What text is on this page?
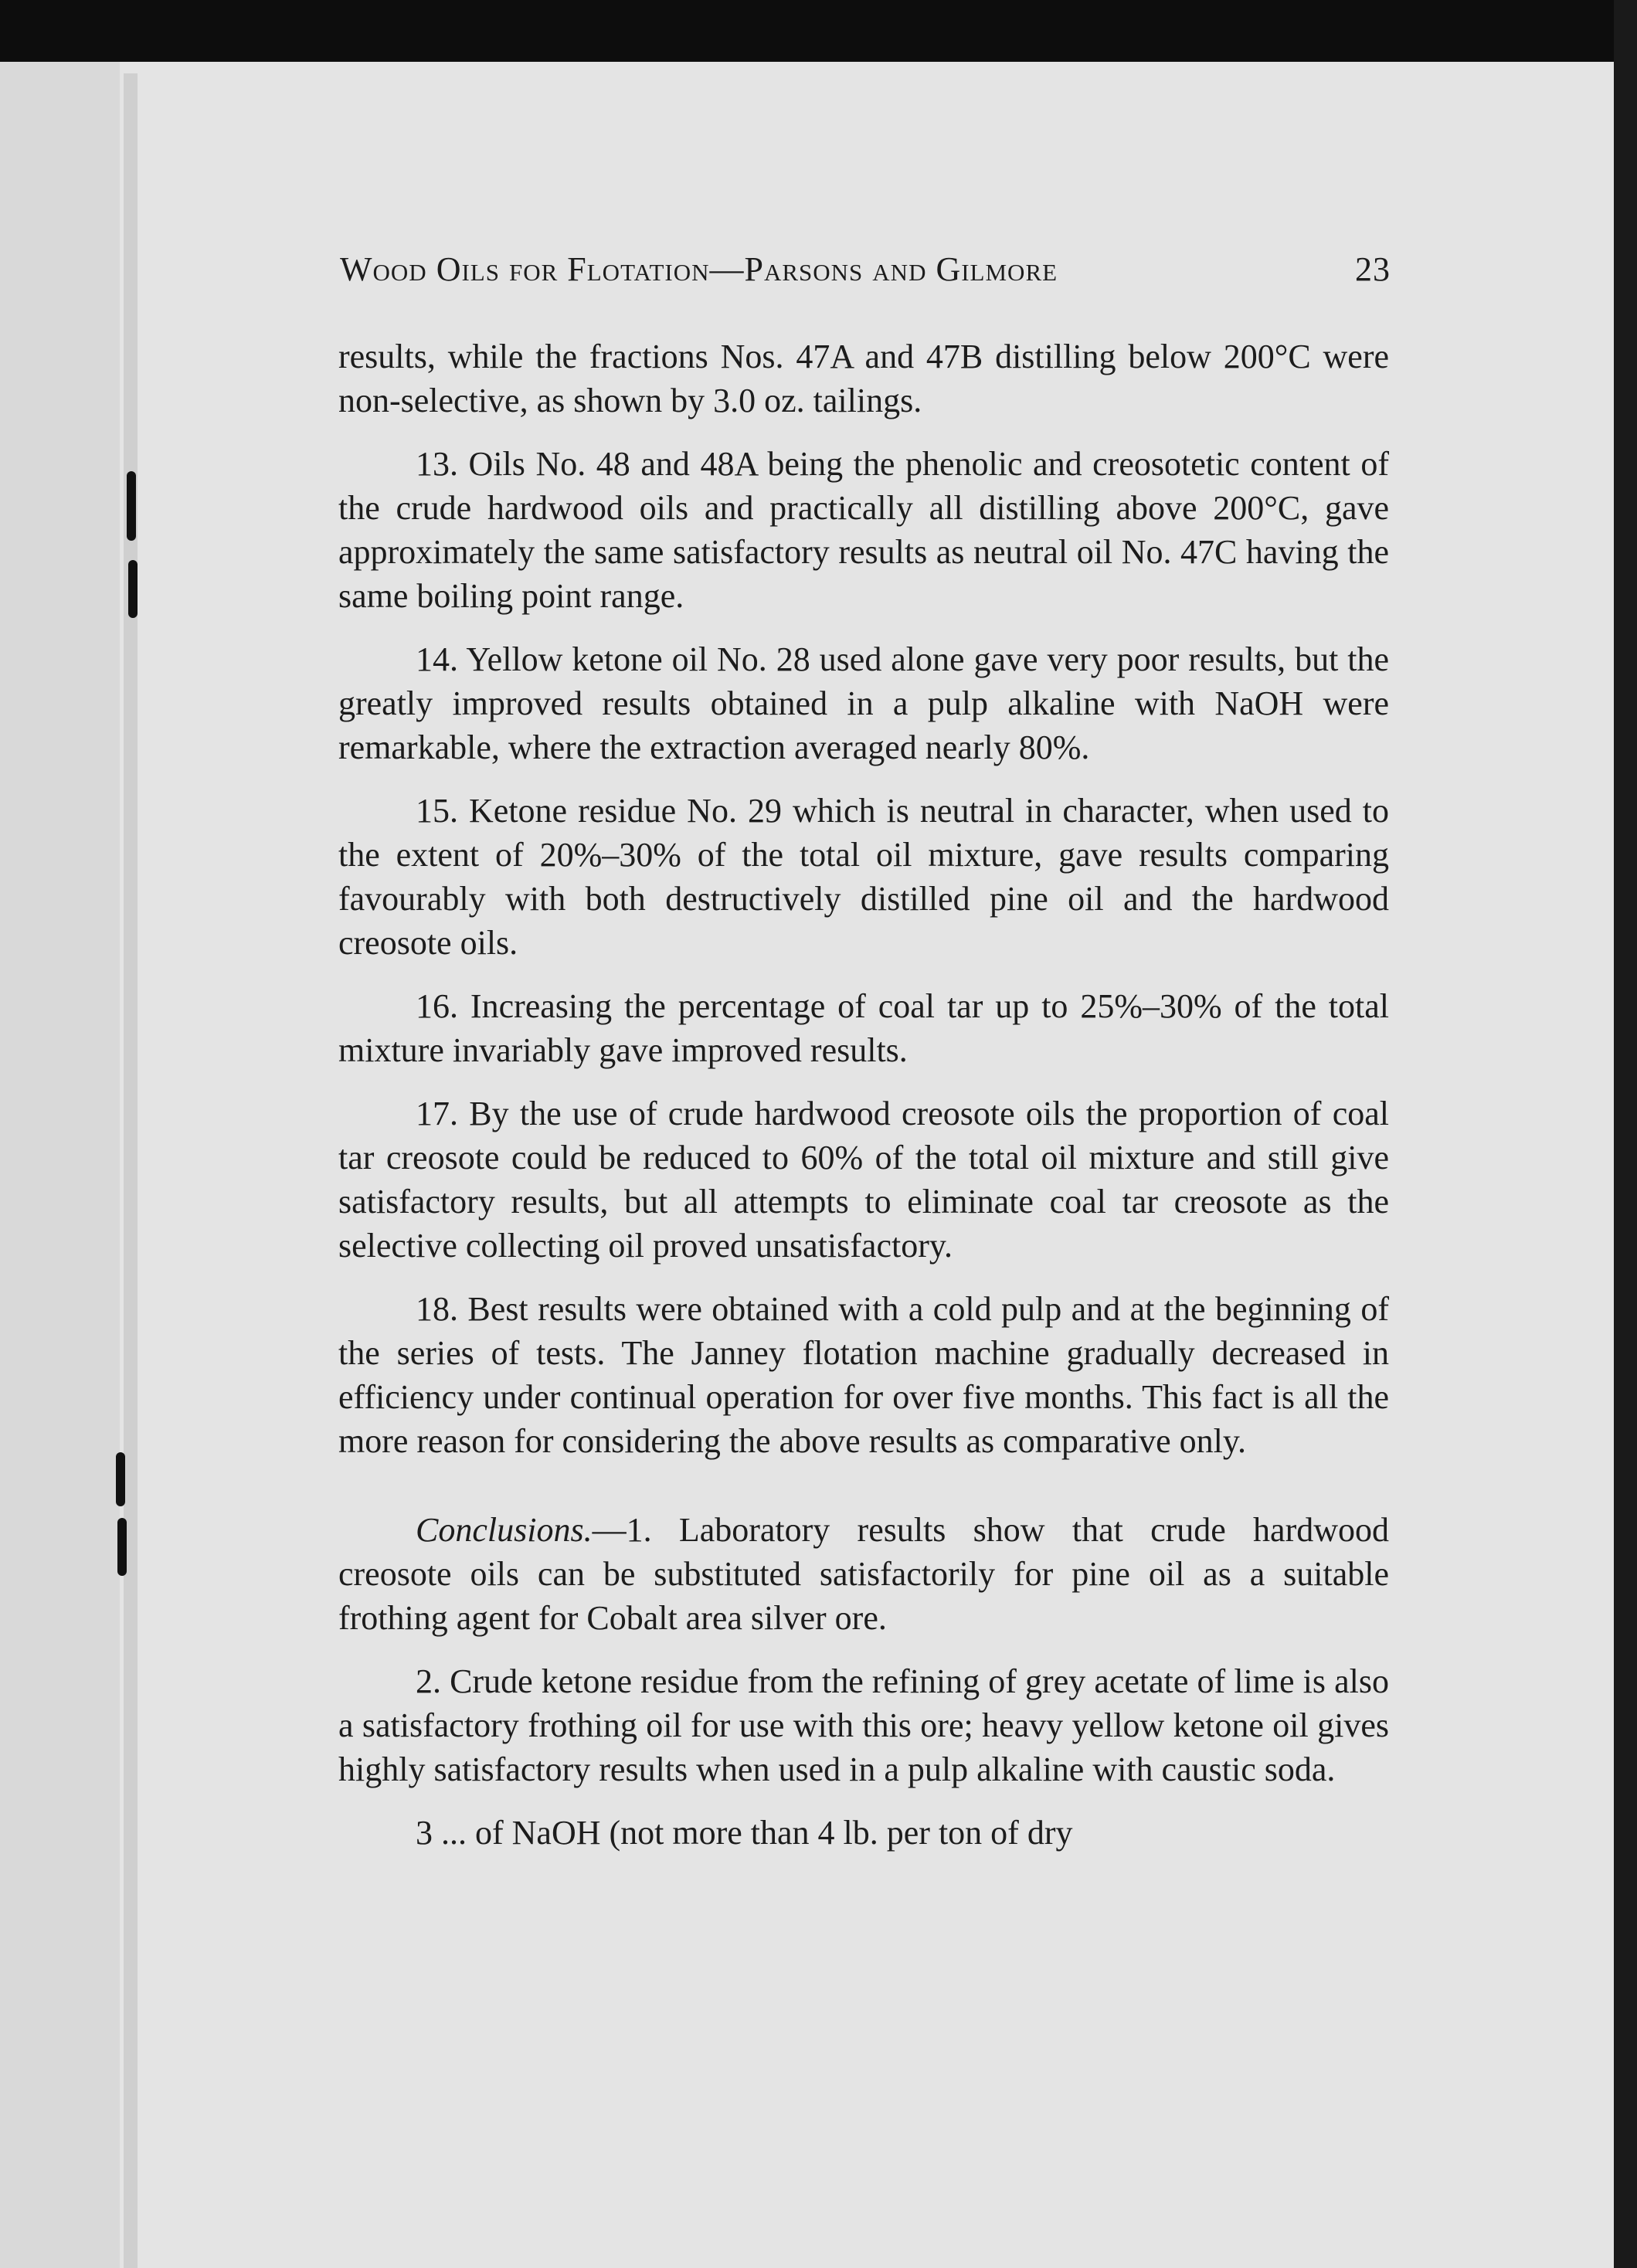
Wood Oils for Flotation—Parsons and Gilmore	23

results, while the fractions Nos. 47A and 47B distilling below 200°C were non-selective, as shown by 3.0 oz. tailings.

13. Oils No. 48 and 48A being the phenolic and creosotetic content of the crude hardwood oils and practically all distilling above 200°C, gave approximately the same satisfactory results as neutral oil No. 47C having the same boiling point range.

14. Yellow ketone oil No. 28 used alone gave very poor results, but the greatly improved results obtained in a pulp alkaline with NaOH were remarkable, where the extraction averaged nearly 80%.

15. Ketone residue No. 29 which is neutral in character, when used to the extent of 20%–30% of the total oil mixture, gave results comparing favourably with both destructively distilled pine oil and the hardwood creosote oils.

16. Increasing the percentage of coal tar up to 25%–30% of the total mixture invariably gave improved results.

17. By the use of crude hardwood creosote oils the proportion of coal tar creosote could be reduced to 60% of the total oil mixture and still give satisfactory results, but all attempts to eliminate coal tar creosote as the selective collecting oil proved unsatisfactory.

18. Best results were obtained with a cold pulp and at the beginning of the series of tests. The Janney flotation machine gradually decreased in efficiency under continual operation for over five months. This fact is all the more reason for considering the above results as comparative only.

Conclusions.—1. Laboratory results show that crude hardwood creosote oils can be substituted satisfactorily for pine oil as a suitable frothing agent for Cobalt area silver ore.

2. Crude ketone residue from the refining of grey acetate of lime is also a satisfactory frothing oil for use with this ore; heavy yellow ketone oil gives highly satisfactory results when used in a pulp alkaline with caustic soda.

3 ... of NaOH (not more than 4 lb. per ton of dry
